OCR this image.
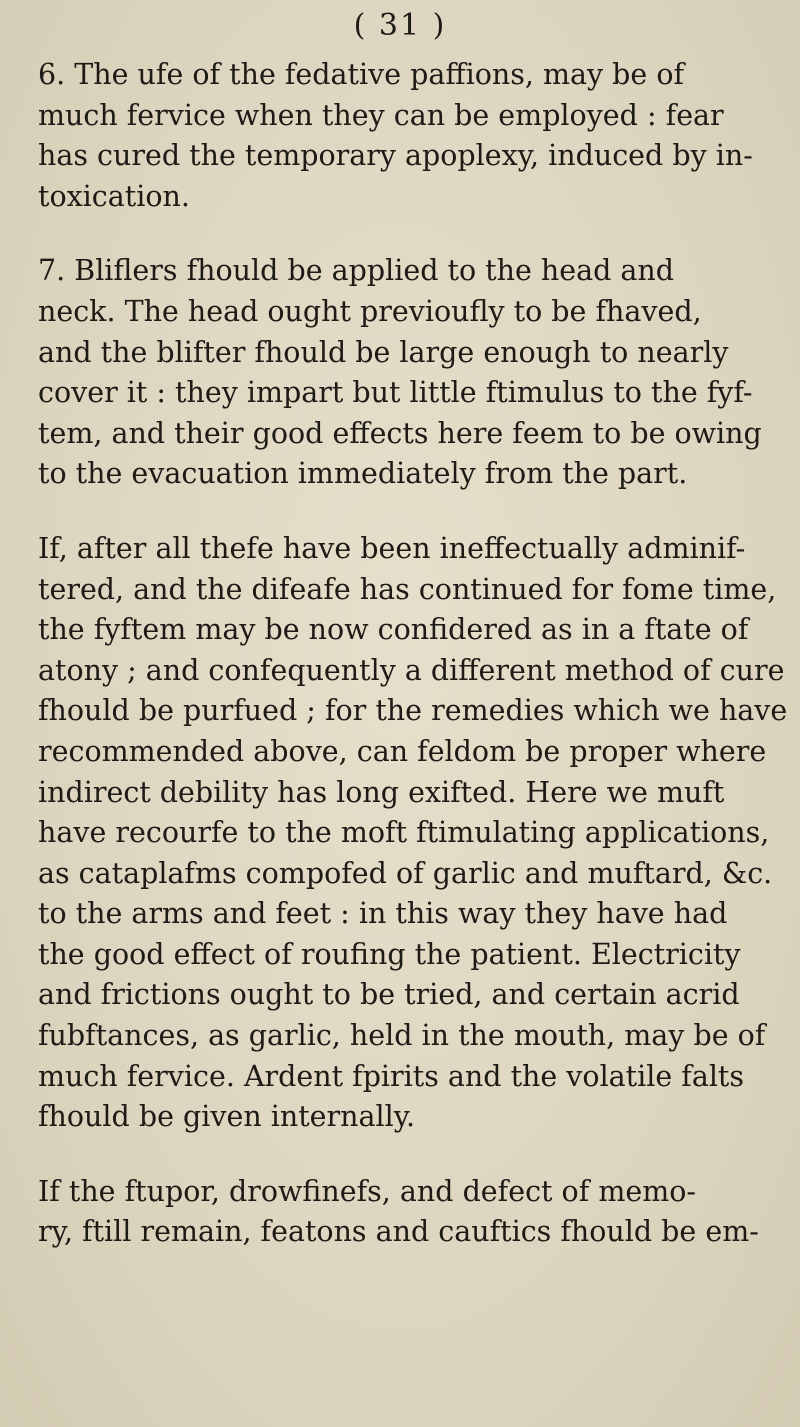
( 31 )
6. The ufe of the fedative paffions, may be of
much fervice when they can be employed : fear
has cured the temporary apoplexy, induced by in-
toxication.
7. Bliflers fhould be applied to the head and
neck. The head ought previoufly to be fhaved,
and the blifter fhould be large enough to nearly
cover it : they impart but little ftimulus to the fyf-
tem, and their good effects here feem to be owing
to the evacuation immediately from the part.
If, after all thefe have been ineffectually adminif-
tered, and the difeafe has continued for fome time,
the fyftem may be now confidered as in a ftate of
atony ; and confequently a different method of cure
fhould be purfued ; for the remedies which we have
recommended above, can feldom be proper where
indirect debility has long exifted. Here we muft
have recourfe to the moft ftimulating applications,
as cataplafms compofed of garlic and muftard, &c.
to the arms and feet : in this way they have had
the good effect of roufing the patient. Electricity
and frictions ought to be tried, and certain acrid
fubftances, as garlic, held in the mouth, may be of
much fervice. Ardent fpirits and the volatile falts
fhould be given internally.
If the ftupor, drowfinefs, and defect of memo-
ry, ftill remain, featons and cauftics fhould be em-
